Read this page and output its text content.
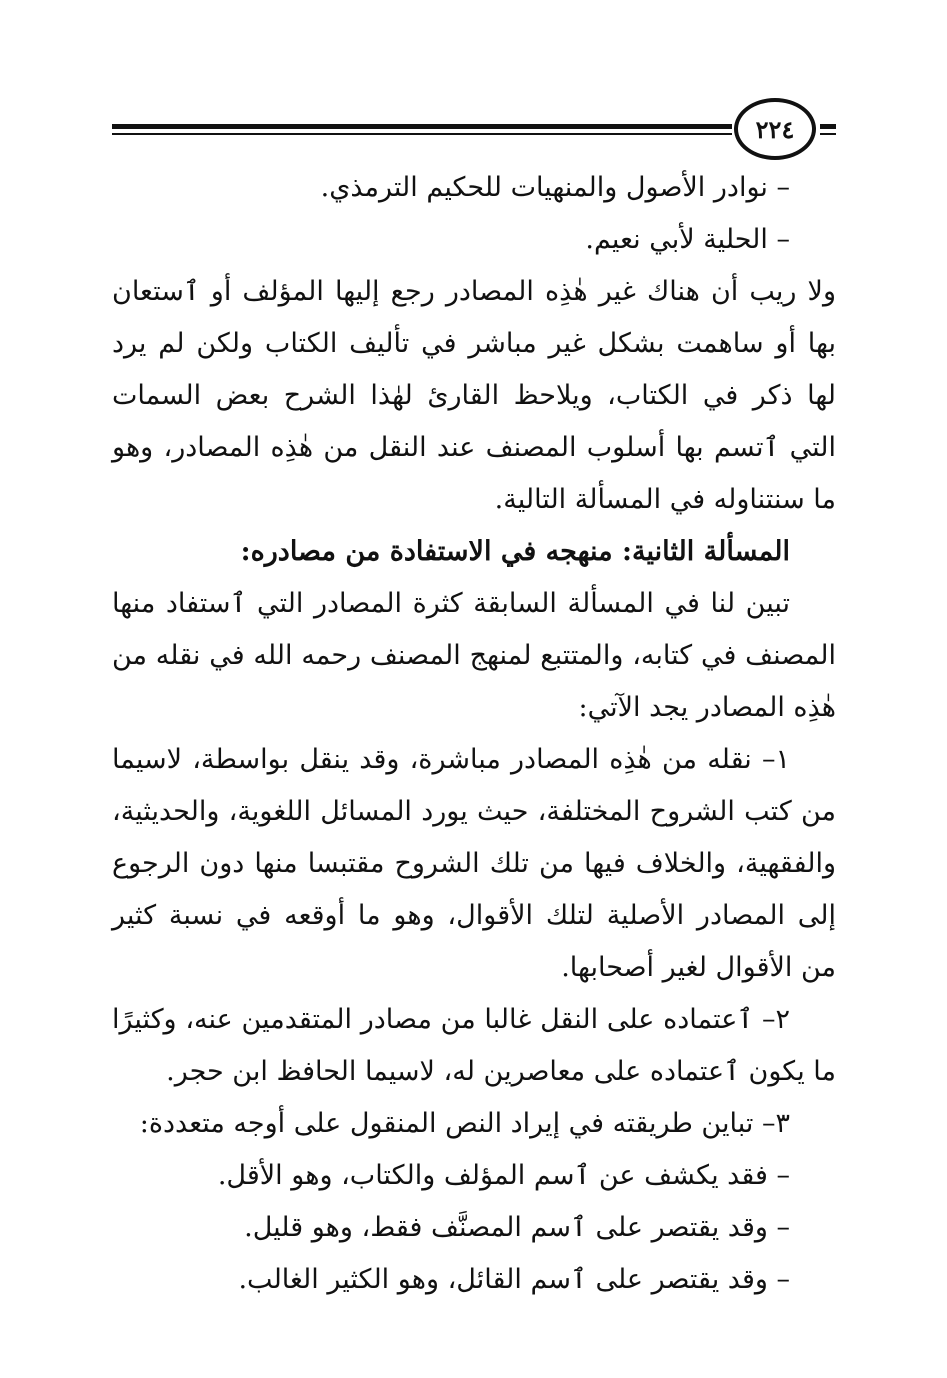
٢٢٤

– نوادر الأصول والمنهيات للحكيم الترمذي.

– الحلية لأبي نعيم.

ولا ريب أن هناك غير هٰذِه المصادر رجع إليها المؤلف أو ٱستعان بها أو ساهمت بشكل غير مباشر في تأليف الكتاب ولكن لم يرد لها ذكر في الكتاب، ويلاحظ القارئ لهٰذا الشرح بعض السمات التي ٱتسم بها أسلوب المصنف عند النقل من هٰذِه المصادر، وهو ما سنتناوله في المسألة التالية.

المسألة الثانية: منهجه في الاستفادة من مصادره:

تبين لنا في المسألة السابقة كثرة المصادر التي ٱستفاد منها المصنف في كتابه، والمتتبع لمنهج المصنف رحمه الله في نقله من هٰذِه المصادر يجد الآتي:

١– نقله من هٰذِه المصادر مباشرة، وقد ينقل بواسطة، لاسيما من كتب الشروح المختلفة، حيث يورد المسائل اللغوية، والحديثية، والفقهية، والخلاف فيها من تلك الشروح مقتبسا منها دون الرجوع إلى المصادر الأصلية لتلك الأقوال، وهو ما أوقعه في نسبة كثير من الأقوال لغير أصحابها.

٢– ٱعتماده على النقل غالبا من مصادر المتقدمين عنه، وكثيرًا ما يكون ٱعتماده على معاصرين له، لاسيما الحافظ ابن حجر.

٣– تباين طريقته في إيراد النص المنقول على أوجه متعددة:

– فقد يكشف عن ٱسم المؤلف والكتاب، وهو الأقل.

– وقد يقتصر على ٱسم المصنَّف فقط، وهو قليل.

– وقد يقتصر على ٱسم القائل، وهو الكثير الغالب.
